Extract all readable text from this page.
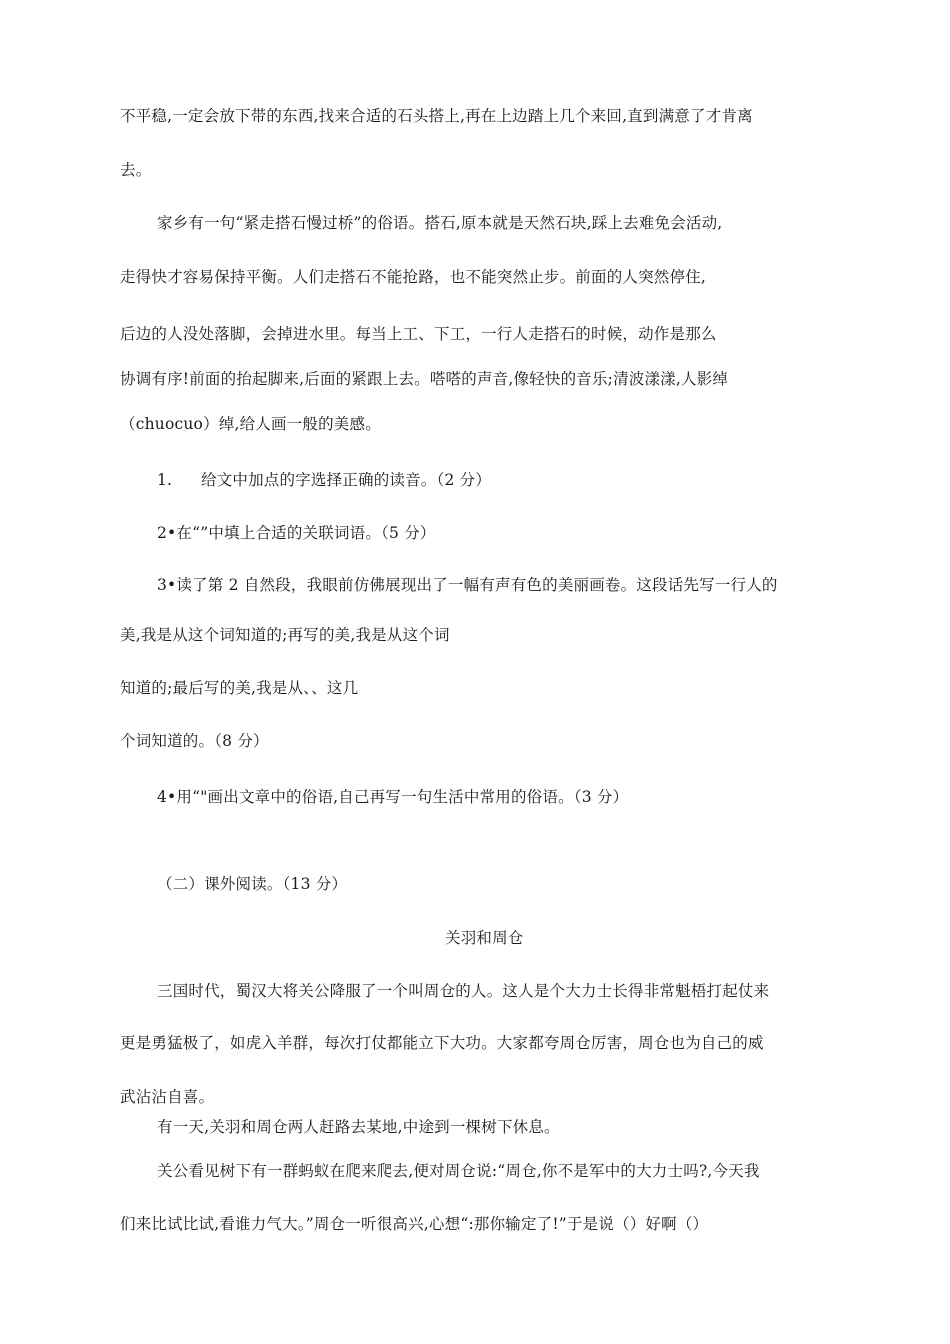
不平稳,一定会放下带的东西,找来合适的石头搭上,再在上边踏上几个来回,直到满意了才肯离
去。
家乡有一句“紧走搭石慢过桥”的俗语。搭石,原本就是天然石块,踩上去难免会活动,
走得快才容易保持平衡。人们走搭石不能抢路，也不能突然止步。前面的人突然停住,
后边的人没处落脚，会掉进水里。每当上工、下工，一行人走搭石的时候，动作是那么
协调有序!前面的抬起脚来,后面的紧跟上去。嗒嗒的声音,像轻快的音乐;清波漾漾,人影绰
（chuocuo）绰,给人画一般的美感。
1. 给文中加点的字选择正确的读音。（2 分）
2•在“”中填上合适的关联词语。（5 分）
3•读了第 2 自然段，我眼前仿佛展现出了一幅有声有色的美丽画卷。这段话先写一行人的
美,我是从这个词知道的;再写的美,我是从这个词
知道的;最后写的美,我是从、、这几
个词知道的。（8 分）
4•用“"画出文章中的俗语,自己再写一句生活中常用的俗语。（3 分）
（二）课外阅读。（13 分）
关羽和周仓
三国时代，蜀汉大将关公降服了一个叫周仓的人。这人是个大力士长得非常魁梧打起仗来
更是勇猛极了，如虎入羊群，每次打仗都能立下大功。大家都夸周仓厉害，周仓也为自己的威
武沾沾自喜。
有一天,关羽和周仓两人赶路去某地,中途到一棵树下休息。
关公看见树下有一群蚂蚁在爬来爬去,便对周仓说:“周仓,你不是军中的大力士吗?,今天我
们来比试比试,看谁力气大。”周仓一听很高兴,心想“:那你输定了!”于是说（）好啊（）
